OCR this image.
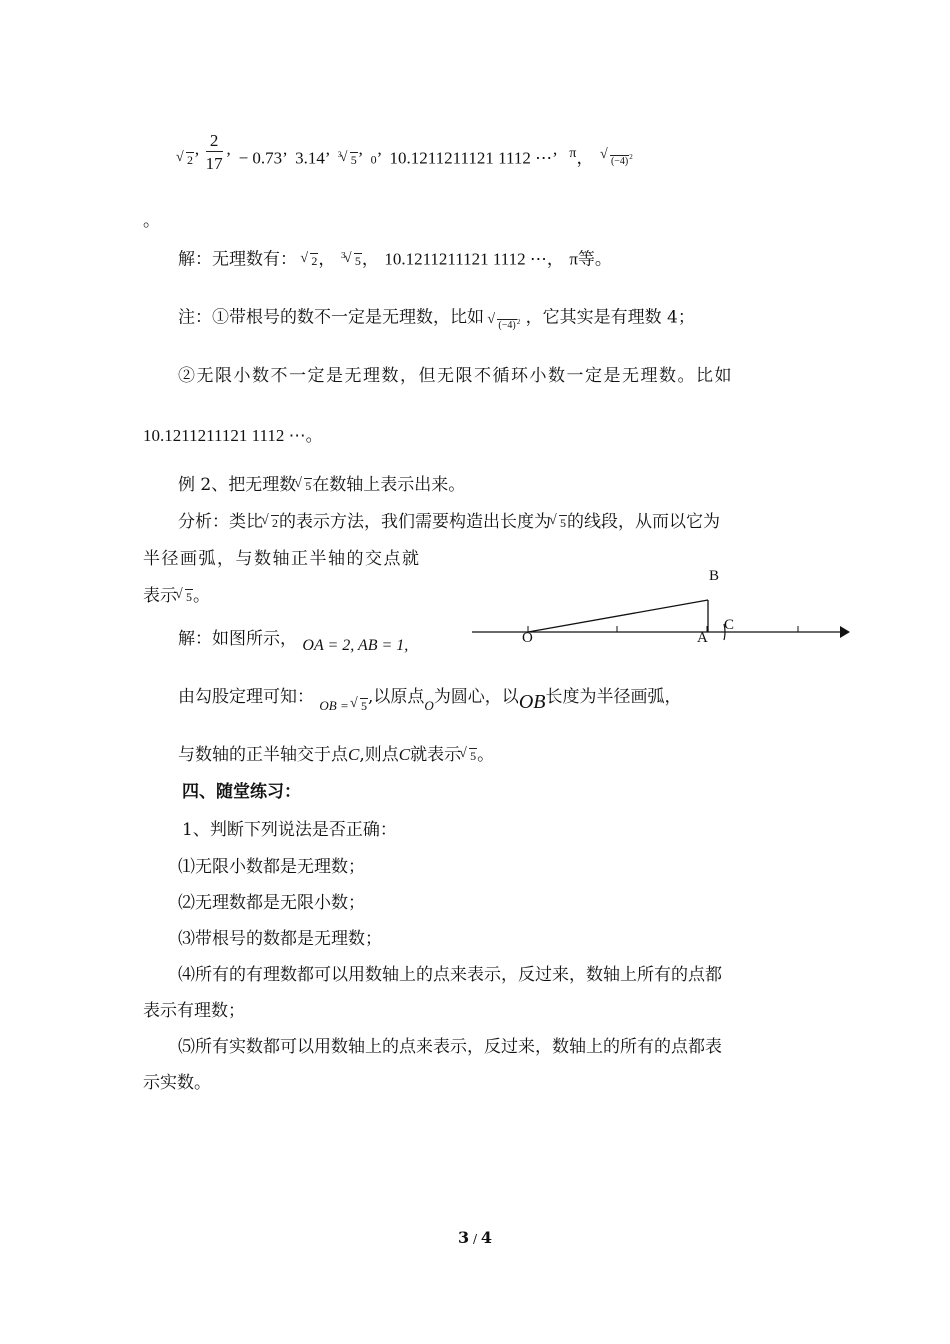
√ 2’ $\frac{2}{17}$ ’ − 0.73’ 3.14’ $^3$ √ 5’ 0’ 10.1211211121 1112 ⋯’ $^\pi$， √ $(-4)^2$
。
解：无理数有： √ 2， $^3$ √ 5， 10.1211211121 1112 ⋯， π等。
注：①带根号的数不一定是无理数，比如 √ $(-4)^2$ ，它其实是有理数 4；
②无限小数不一定是无理数，但无限不循环小数一定是无理数。比如
10.1211211121 1112 ⋯。
例 2、把无理数 √ 5在数轴上表示出来。
分析：类比 √ 2的表示方法，我们需要构造出长度为 √ 5的线段，从而以它为
半径画弧，与数轴正半轴的交点就
表示 √ 5。
解：如图所示， OA = 2, AB = 1,	O	A
B
C
由勾股定理可知： $_{OB =}$ √ 5,以原点$_O$为圆心，以OB长度为半径画弧，
与数轴的正半轴交于点C,则点C就表示 √ 5。
四、随堂练习：
1、判断下列说法是否正确：
⑴无限小数都是无理数；
⑵无理数都是无限小数；
⑶带根号的数都是无理数；
⑷所有的有理数都可以用数轴上的点来表示，反过来，数轴上所有的点都
表示有理数；
⑸所有实数都可以用数轴上的点来表示，反过来，数轴上的所有的点都表
示实数。
3 / 4
